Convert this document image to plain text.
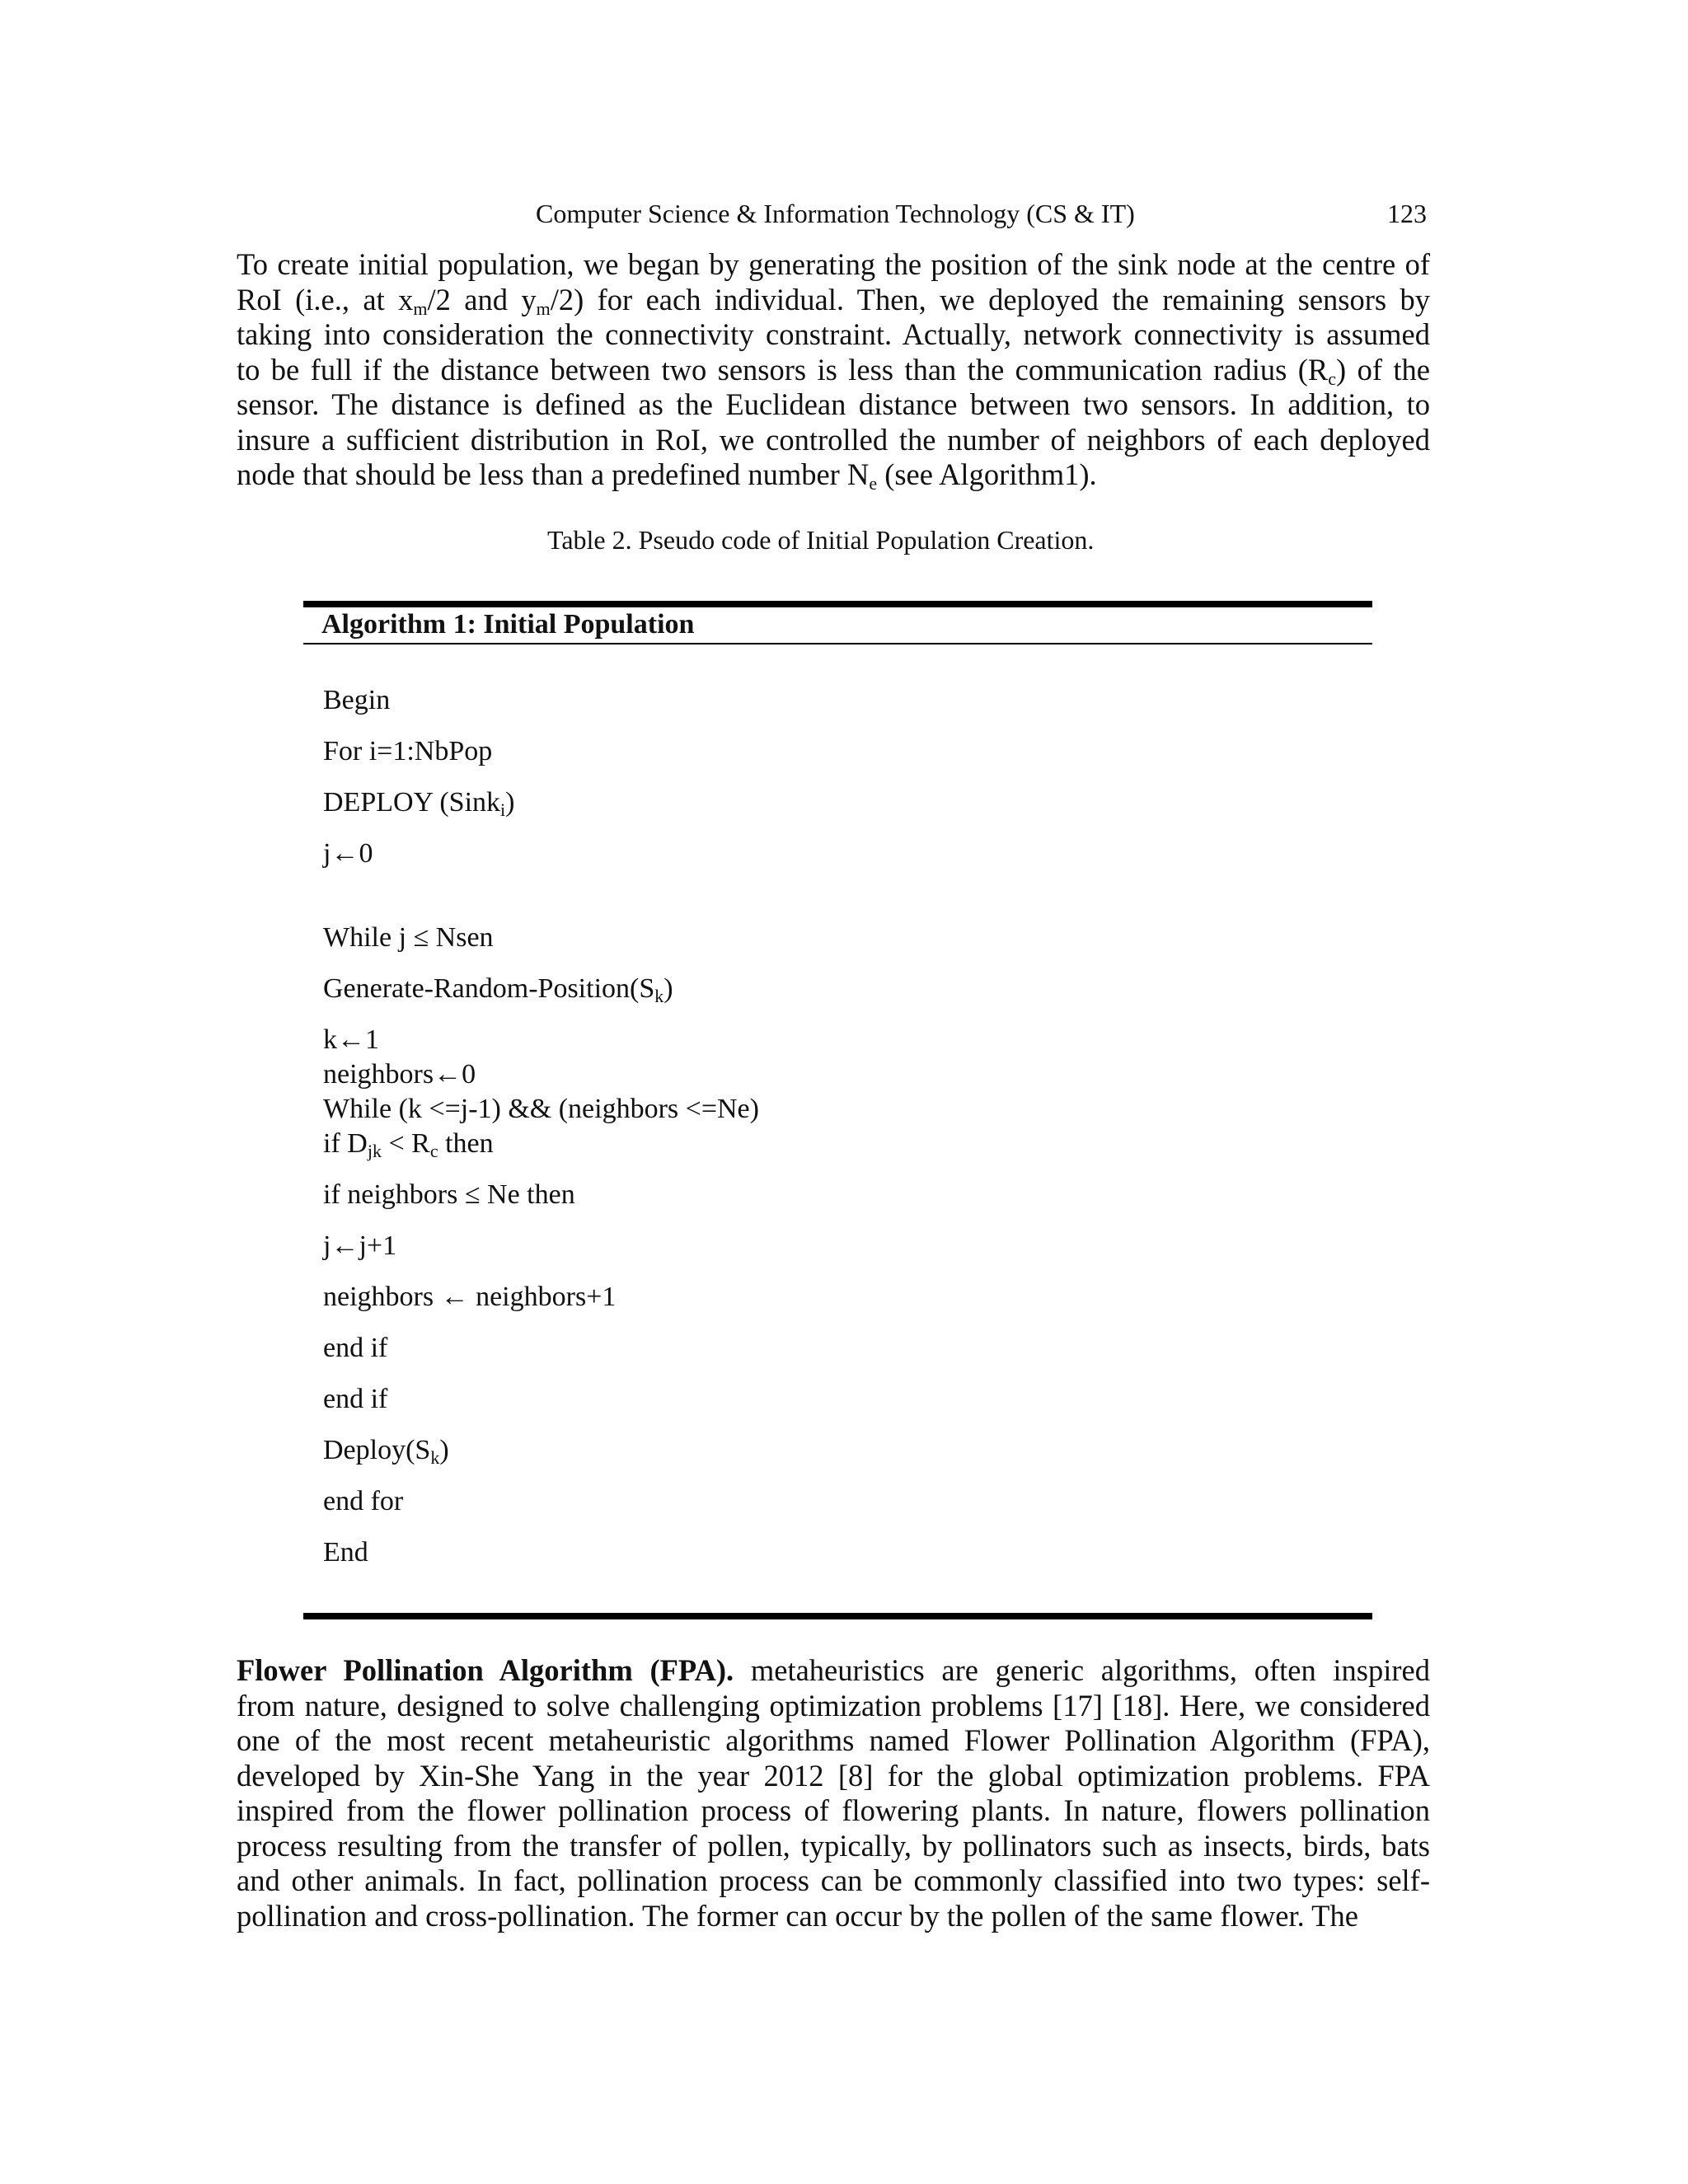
Computer Science & Information Technology (CS & IT)	123
To create initial population, we began by generating the position of the sink node at the centre of
RoI (i.e., at $x_m/2$ and $y_m/2$) for each individual. Then, we deployed the remaining sensors by
taking into consideration the connectivity constraint. Actually, network connectivity is assumed
to be full if the distance between two sensors is less than the communication radius $(R_c)$ of the
sensor. The distance is defined as the Euclidean distance between two sensors. In addition, to
insure a sufficient distribution in RoI, we controlled the number of neighbors of each deployed
node that should be less than a predefined number $N_e$ (see Algorithm1).
Table 2. Pseudo code of Initial Population Creation.
Algorithm 1: Initial Population
Begin
For i=1:NbPop
DEPLOY (Sink$_i$)
j←0
While j ≤ Nsen
Generate-$Random-Position(S_k)$
k←1
neighbors←0
While (k <=j-1) && (neighbors <=Ne)
if $D_{jk} < R_c$ then
if neighbors ≤ Ne then
j←j+1
neighbors ← neighbors+1
end if
end if
$Deploy(S_k)$
end for
End
Flower Pollination Algorithm (FPA). metaheuristics are generic algorithms, often inspired
from nature, designed to solve challenging optimization problems [17] [18]. Here, we considered
one of the most recent metaheuristic algorithms named Flower Pollination Algorithm (FPA),
developed by Xin-She Yang in the year 2012 [8] for the global optimization problems. FPA
inspired from the flower pollination process of flowering plants. In nature, flowers pollination
process resulting from the transfer of pollen, typically, by pollinators such as insects, birds, bats
and other animals. In fact, pollination process can be commonly classified into two types: self-
pollination and cross-pollination. The former can occur by the pollen of the same flower. The
